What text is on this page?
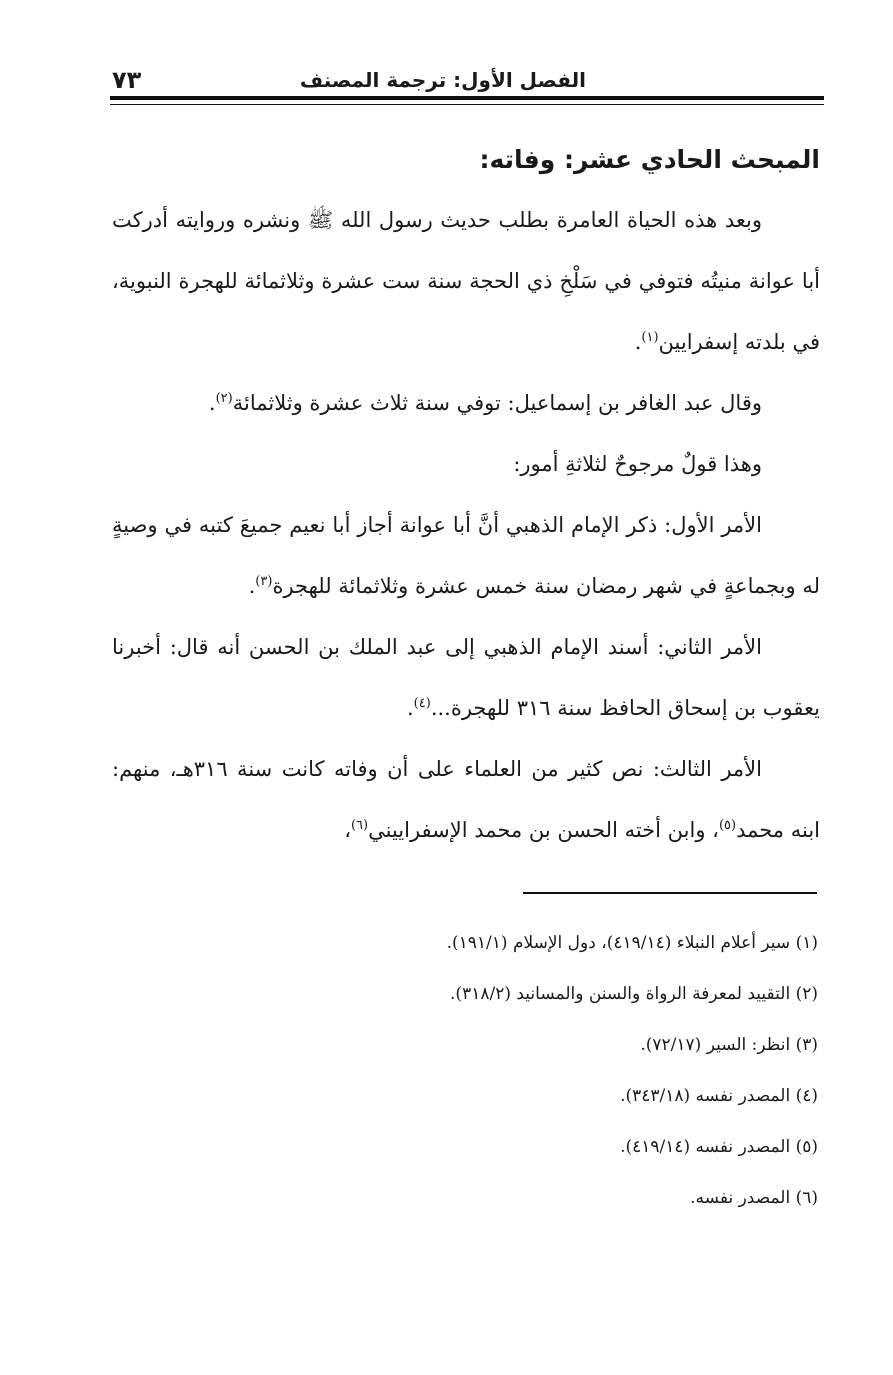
الفصل الأول: ترجمة المصنف
٧٣
المبحث الحادي عشر: وفاته:

وبعد هذه الحياة العامرة بطلب حديث رسول الله ﷺ ونشره وروايته أدركت أبا عوانة منيتُه فتوفي في سَلْخِ ذي الحجة سنة ست عشرة وثلاثمائة للهجرة النبوية، في بلدته إسفرايين$^{(١)}$.

وقال عبد الغافر بن إسماعيل: توفي سنة ثلاث عشرة وثلاثمائة$^{(٢)}$.

وهذا قولٌ مرجوحٌ لثلاثةِ أمور:

الأمر الأول: ذكر الإمام الذهبي أنَّ أبا عوانة أجاز أبا نعيم جميعَ كتبه في وصيةٍ له وبجماعةٍ في شهر رمضان سنة خمس عشرة وثلاثمائة للهجرة$^{(٣)}$.

الأمر الثاني: أسند الإمام الذهبي إلى عبد الملك بن الحسن أنه قال: أخبرنا يعقوب بن إسحاق الحافظ سنة ٣١٦ للهجرة...$^{(٤)}$.

الأمر الثالث: نص كثير من العلماء على أن وفاته كانت سنة ٣١٦هـ، منهم: ابنه محمد$^{(٥)}$، وابن أخته الحسن بن محمد الإسفراييني$^{(٦)}$،

(١) سير أعلام النبلاء (٤١٩/١٤)، دول الإسلام (١٩١/١).
(٢) التقييد لمعرفة الرواة والسنن والمسانيد (٣١٨/٢).
(٣) انظر: السير (٧٢/١٧).
(٤) المصدر نفسه (٣٤٣/١٨).
(٥) المصدر نفسه (٤١٩/١٤).
(٦) المصدر نفسه.
